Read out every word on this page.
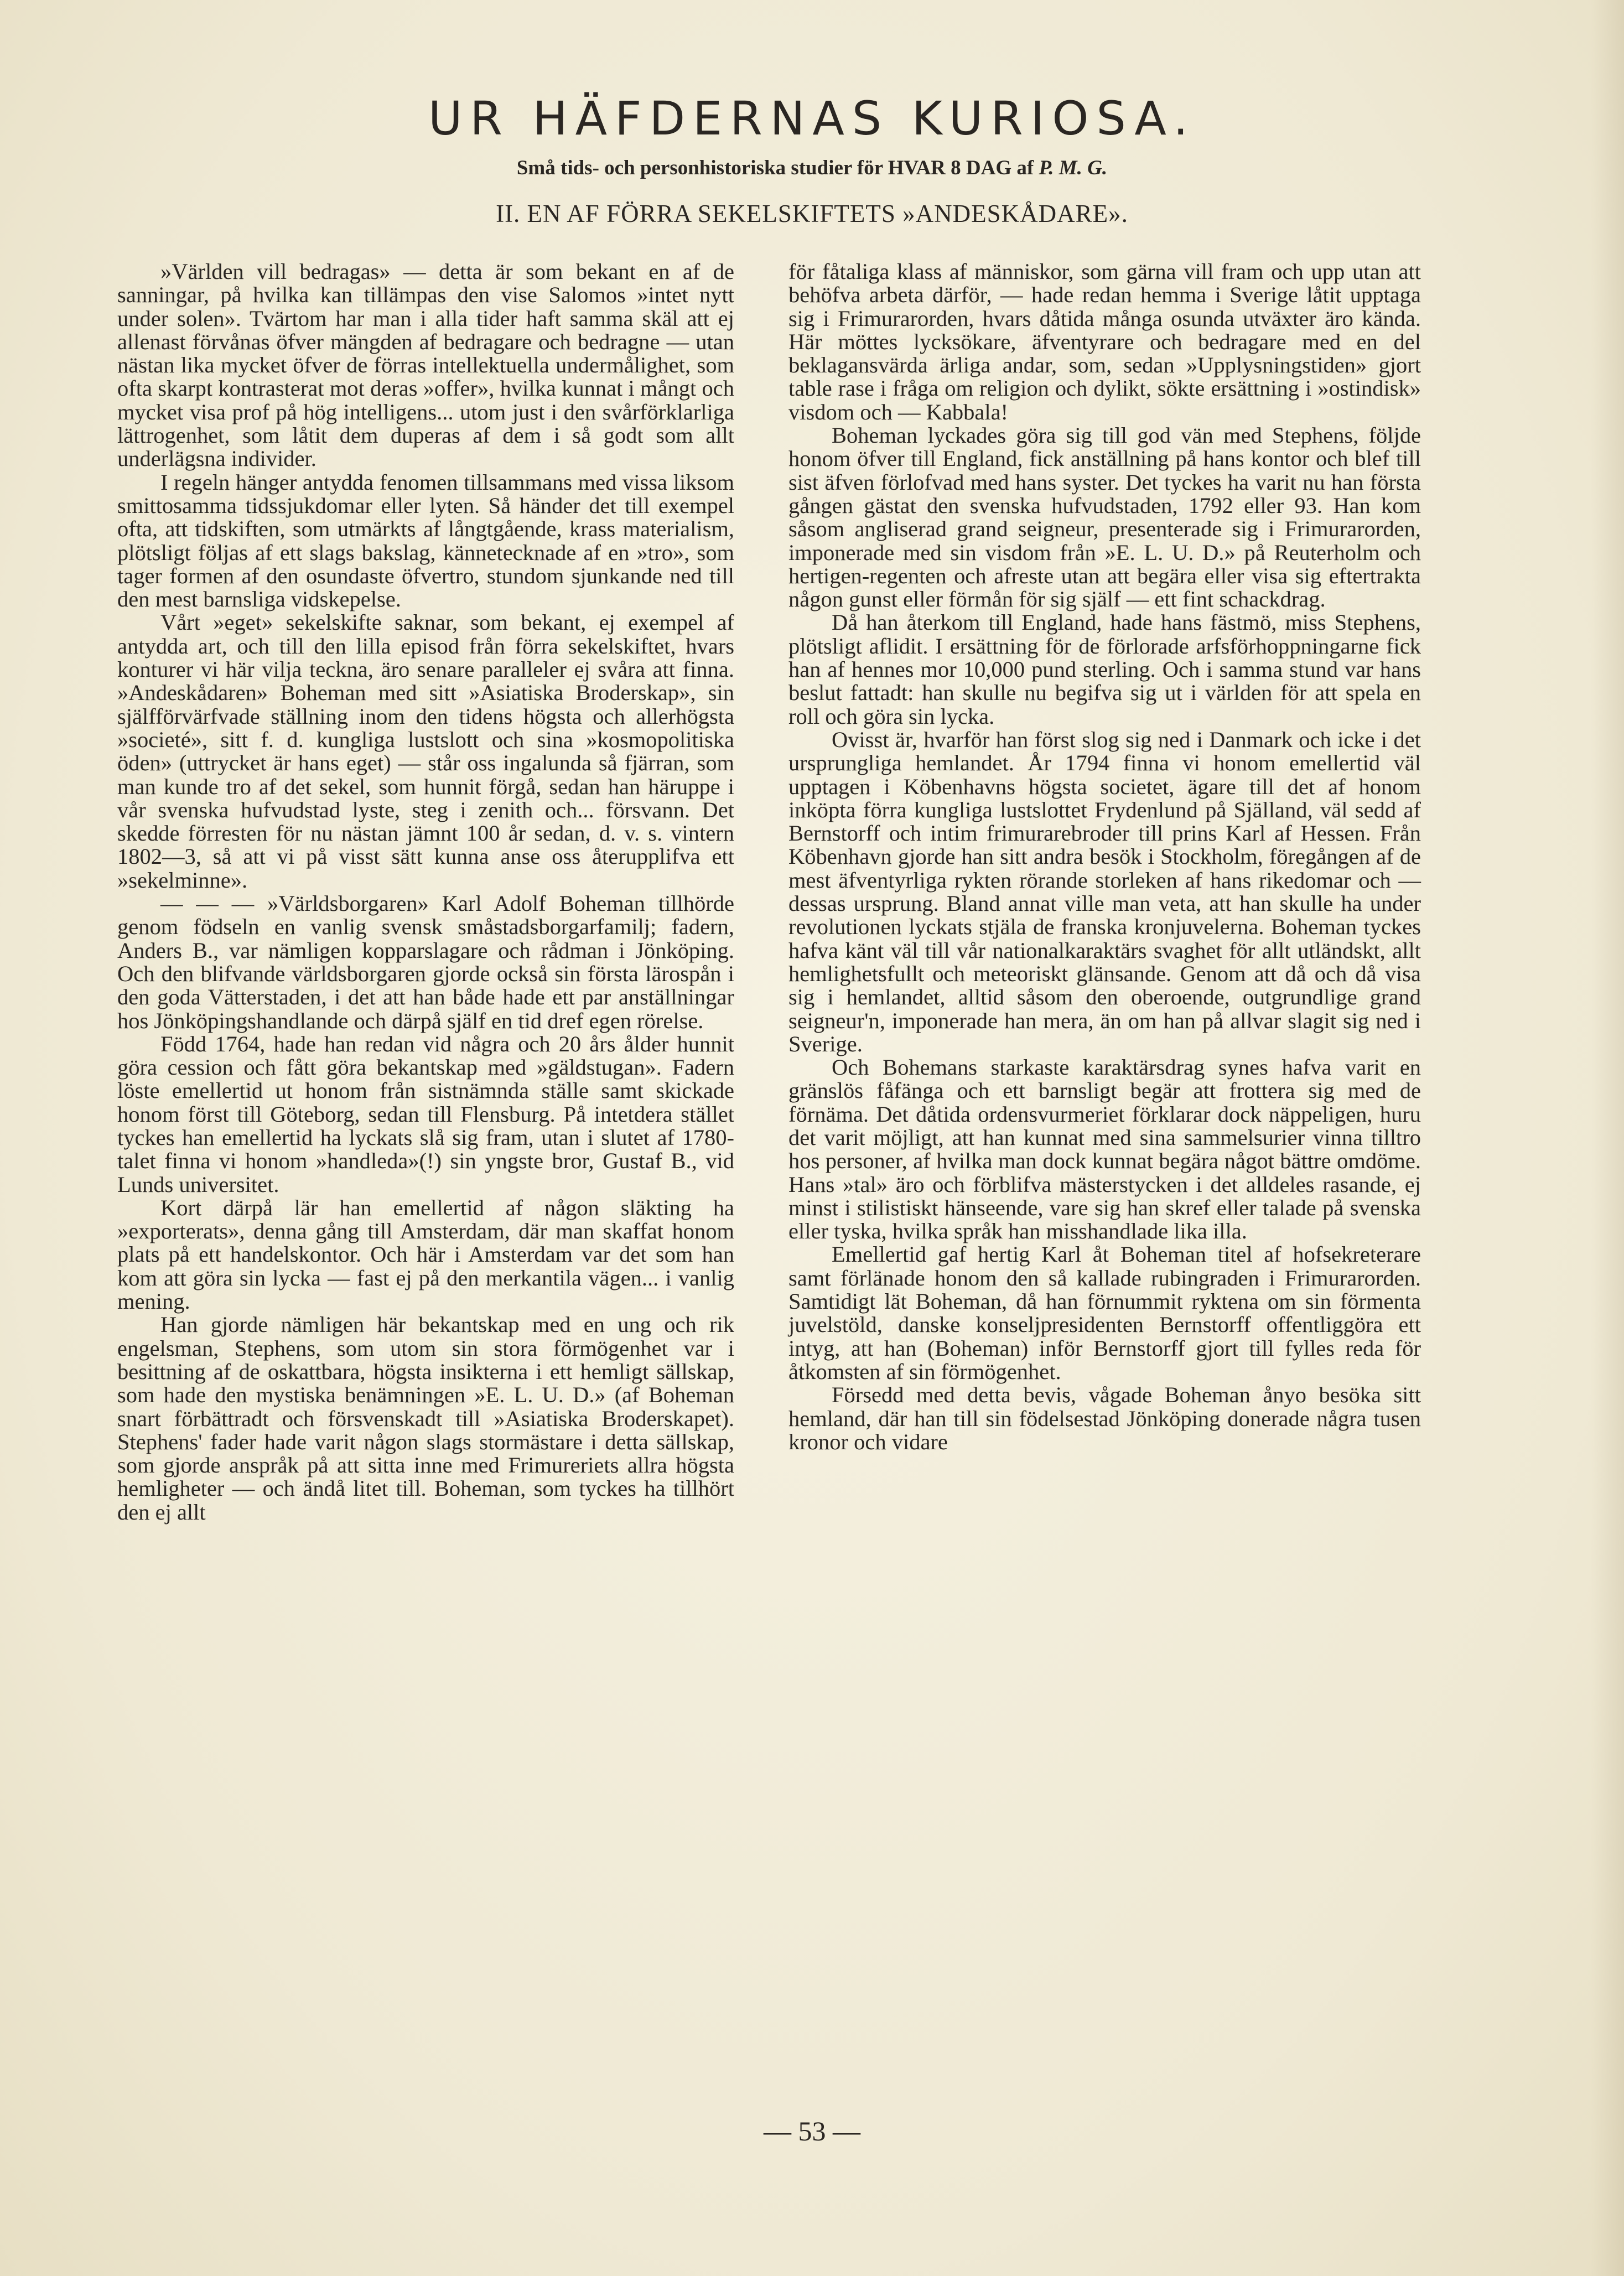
UR HÄFDERNAS KURIOSA.
Små tids- och personhistoriska studier för HVAR 8 DAG af P. M. G.
II. EN AF FÖRRA SEKELSKIFTETS »ANDESKÅDARE».

»Världen vill bedragas» — detta är som bekant en af de sanningar, på hvilka kan tillämpas den vise Salomos »intet nytt under solen». Tvärtom har man i alla tider haft samma skäl att ej allenast förvånas öfver mängden af bedragare och bedragne — utan nästan lika mycket öfver de förras intellektuella undermålighet, som ofta skarpt kontrasterat mot deras »offer», hvilka kunnat i mångt och mycket visa prof på hög intelligens... utom just i den svårförklarliga lättrogenhet, som låtit dem duperas af dem i så godt som allt underlägsna individer.

I regeln hänger antydda fenomen tillsammans med vissa liksom smittosamma tidssjukdomar eller lyten. Så händer det till exempel ofta, att tidskiften, som utmärkts af långtgående, krass materialism, plötsligt följas af ett slags bakslag, kännetecknade af en »tro», som tager formen af den osundaste öfvertro, stundom sjunkande ned till den mest barnsliga vidskepelse.

Vårt »eget» sekelskifte saknar, som bekant, ej exempel af antydda art, och till den lilla episod från förra sekelskiftet, hvars konturer vi här vilja teckna, äro senare paralleler ej svåra att finna. »Andeskådaren» Boheman med sitt »Asiatiska Broderskap», sin själfförvärfvade ställning inom den tidens högsta och allerhögsta »societé», sitt f. d. kungliga lustslott och sina »kosmopolitiska öden» (uttrycket är hans eget) — står oss ingalunda så fjärran, som man kunde tro af det sekel, som hunnit förgå, sedan han häruppe i vår svenska hufvudstad lyste, steg i zenith och... försvann. Det skedde förresten för nu nästan jämnt 100 år sedan, d. v. s. vintern 1802—3, så att vi på visst sätt kunna anse oss återupplifva ett »sekelminne».

— — — »Världsborgaren» Karl Adolf Boheman tillhörde genom födseln en vanlig svensk småstadsborgarfamilj; fadern, Anders B., var nämligen kopparslagare och rådman i Jönköping. Och den blifvande världsborgaren gjorde också sin första lärospån i den goda Vätterstaden, i det att han både hade ett par anställningar hos Jönköpingshandlande och därpå själf en tid dref egen rörelse.

Född 1764, hade han redan vid några och 20 års ålder hunnit göra cession och fått göra bekantskap med »gäldstugan». Fadern löste emellertid ut honom från sistnämnda ställe samt skickade honom först till Göteborg, sedan till Flensburg. På intetdera stället tyckes han emellertid ha lyckats slå sig fram, utan i slutet af 1780-talet finna vi honom »handleda»(!) sin yngste bror, Gustaf B., vid Lunds universitet.

Kort därpå lär han emellertid af någon släkting ha »exporterats», denna gång till Amsterdam, där man skaffat honom plats på ett handelskontor. Och här i Amsterdam var det som han kom att göra sin lycka — fast ej på den merkantila vägen... i vanlig mening.

Han gjorde nämligen här bekantskap med en ung och rik engelsman, Stephens, som utom sin stora förmögenhet var i besittning af de oskattbara, högsta insikterna i ett hemligt sällskap, som hade den mystiska benämningen »E. L. U. D.» (af Boheman snart förbättradt och försvenskadt till »Asiatiska Broderskapet). Stephens' fader hade varit någon slags stormästare i detta sällskap, som gjorde anspråk på att sitta inne med Frimureriets allra högsta hemligheter — och ändå litet till. Boheman, som tyckes ha tillhört den ej allt

för fåtaliga klass af människor, som gärna vill fram och upp utan att behöfva arbeta därför, — hade redan hemma i Sverige låtit upptaga sig i Frimurarorden, hvars dåtida många osunda utväxter äro kända. Här möttes lycksökare, äfventyrare och bedragare med en del beklagansvärda ärliga andar, som, sedan »Upplysningstiden» gjort table rase i fråga om religion och dylikt, sökte ersättning i »ostindisk» visdom och — Kabbala!

Boheman lyckades göra sig till god vän med Stephens, följde honom öfver till England, fick anställning på hans kontor och blef till sist äfven förlofvad med hans syster. Det tyckes ha varit nu han första gången gästat den svenska hufvudstaden, 1792 eller 93. Han kom såsom angliserad grand seigneur, presenterade sig i Frimurarorden, imponerade med sin visdom från »E. L. U. D.» på Reuterholm och hertigen-regenten och afreste utan att begära eller visa sig eftertrakta någon gunst eller förmån för sig själf — ett fint schackdrag.

Då han återkom till England, hade hans fästmö, miss Stephens, plötsligt aflidit. I ersättning för de förlorade arfsförhoppningarne fick han af hennes mor 10,000 pund sterling. Och i samma stund var hans beslut fattadt: han skulle nu begifva sig ut i världen för att spela en roll och göra sin lycka.

Ovisst är, hvarför han först slog sig ned i Danmark och icke i det ursprungliga hemlandet. År 1794 finna vi honom emellertid väl upptagen i Köbenhavns högsta societet, ägare till det af honom inköpta förra kungliga lustslottet Frydenlund på Själland, väl sedd af Bernstorff och intim frimurarebroder till prins Karl af Hessen. Från Köbenhavn gjorde han sitt andra besök i Stockholm, föregången af de mest äfventyrliga rykten rörande storleken af hans rikedomar och — dessas ursprung. Bland annat ville man veta, att han skulle ha under revolutionen lyckats stjäla de franska kronjuvelerna. Boheman tyckes hafva känt väl till vår nationalkaraktärs svaghet för allt utländskt, allt hemlighetsfullt och meteoriskt glänsande. Genom att då och då visa sig i hemlandet, alltid såsom den oberoende, outgrundlige grand seigneur'n, imponerade han mera, än om han på allvar slagit sig ned i Sverige.

Och Bohemans starkaste karaktärsdrag synes hafva varit en gränslös fåfänga och ett barnsligt begär att frottera sig med de förnäma. Det dåtida ordensvurmeriet förklarar dock näppeligen, huru det varit möjligt, att han kunnat med sina sammelsurier vinna tilltro hos personer, af hvilka man dock kunnat begära något bättre omdöme. Hans »tal» äro och förblifva mästerstycken i det alldeles rasande, ej minst i stilistiskt hänseende, vare sig han skref eller talade på svenska eller tyska, hvilka språk han misshandlade lika illa.

Emellertid gaf hertig Karl åt Boheman titel af hofsekreterare samt förlänade honom den så kallade rubingraden i Frimurarorden. Samtidigt lät Boheman, då han förnummit ryktena om sin förmenta juvelstöld, danske konseljpresidenten Bernstorff offentliggöra ett intyg, att han (Boheman) inför Bernstorff gjort till fylles reda för åtkomsten af sin förmögenhet.

Försedd med detta bevis, vågade Boheman ånyo besöka sitt hemland, där han till sin födelsestad Jönköping donerade några tusen kronor och vidare

— 53 —
